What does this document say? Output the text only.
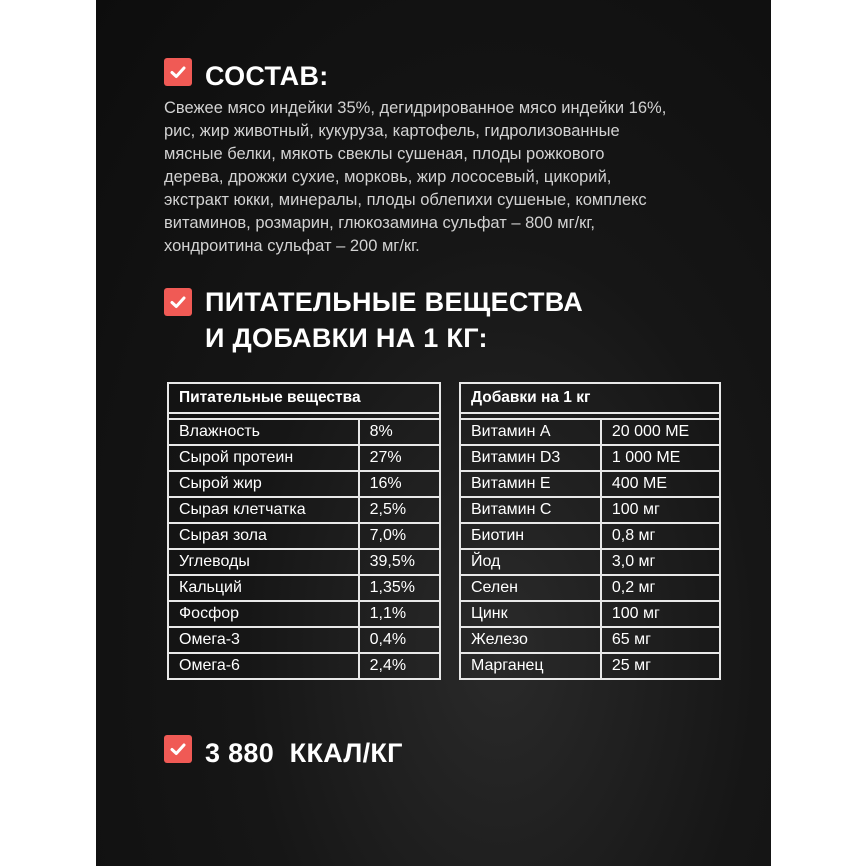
СОСТАВ:
Свежее мясо индейки 35%, дегидрированное мясо индейки 16%,
рис, жир животный, кукуруза, картофель, гидролизованные
мясные белки, мякоть свеклы сушеная, плоды рожкового
дерева, дрожжи сухие, морковь, жир лососевый, цикорий,
экстракт юкки, минералы, плоды облепихи сушеные, комплекс
витаминов, розмарин, глюкозамина сульфат – 800 мг/кг,
хондроитина сульфат – 200 мг/кг.
ПИТАТЕЛЬНЫЕ ВЕЩЕСТВА
И ДОБАВКИ НА 1 КГ:
Питательные вещества	

Влажность	8%
Сырой протеин	27%
Сырой жир	16%
Сырая клетчатка	2,5%
Сырая зола	7,0%
Углеводы	39,5%
Кальций	1,35%
Фосфор	1,1%
Омега-3	0,4%
Омега-6	2,4%
Добавки на 1 кг	

Витамин А	20 000 МЕ
Витамин D3	1 000 МЕ
Витамин Е	400 МЕ
Витамин С	100 мг
Биотин	0,8 мг
Йод	3,0 мг
Селен	0,2 мг
Цинк	100 мг
Железо	65 мг
Марганец	25 мг
3 880  ККАЛ/КГ
